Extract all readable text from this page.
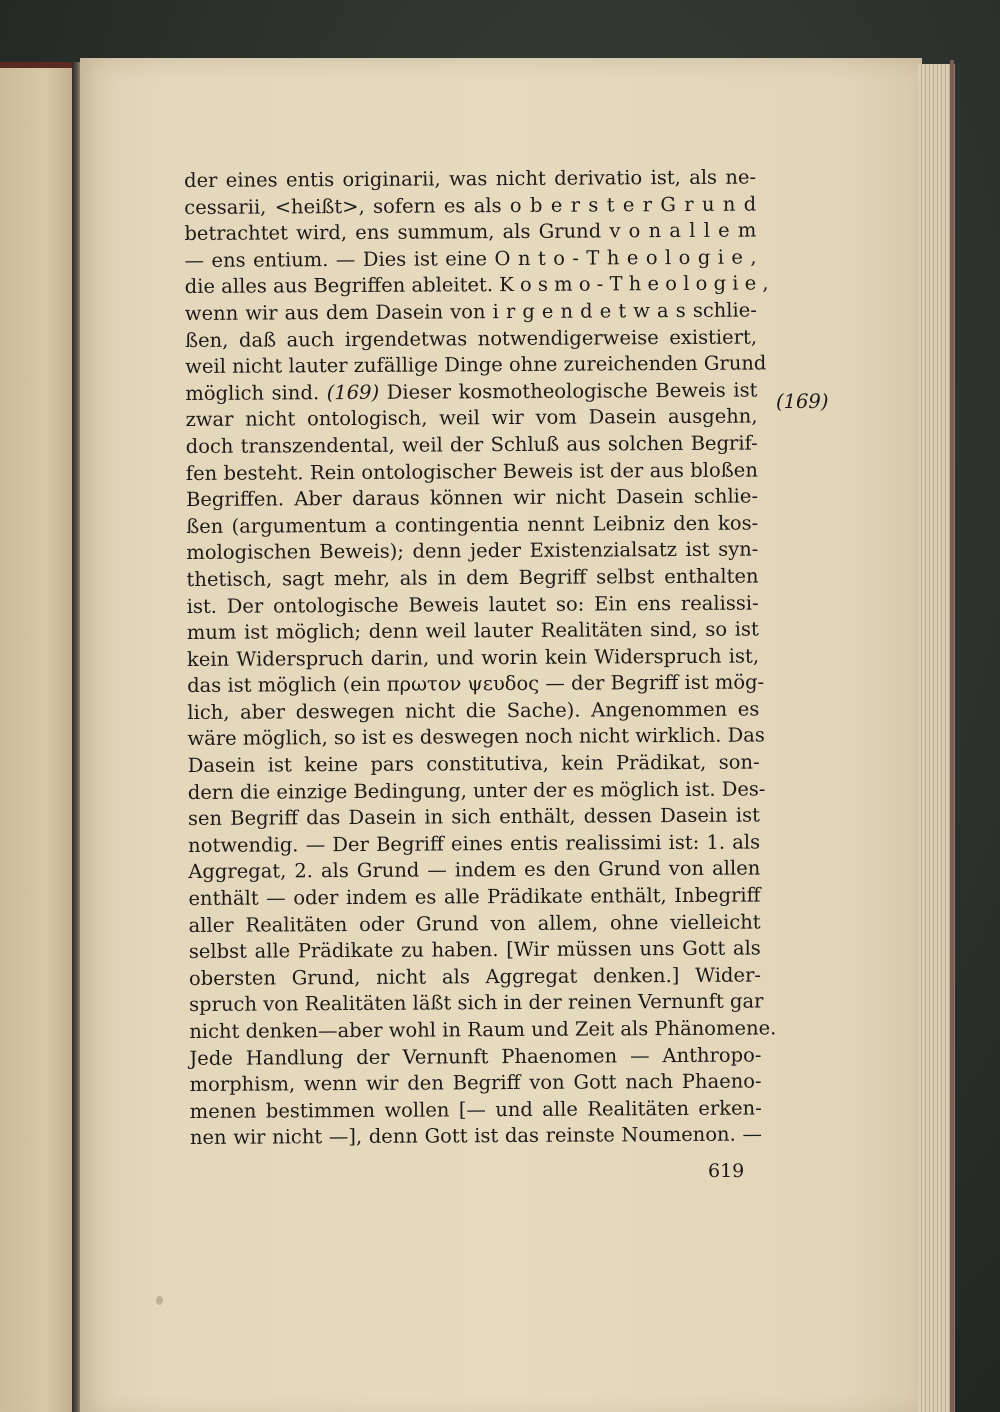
der eines entis originarii, was nicht derivatio ist, als ne-
cessarii, <heißt>, sofern es als o b e r s t e r G r u n d
betrachtet wird, ens summum, als Grund v o n a l l e m
— ens entium. — Dies ist eine O n t o - T h e o l o g i e ,
die alles aus Begriffen ableitet. K o s m o - T h e o l o g i e ,
wenn wir aus dem Dasein von i r g e n d e t w a s schlie-
ßen, daß auch irgendetwas notwendigerweise existiert,
weil nicht lauter zufällige Dinge ohne zureichenden Grund
möglich sind. (169) Dieser kosmotheologische Beweis ist
zwar nicht ontologisch, weil wir vom Dasein ausgehn,
doch transzendental, weil der Schluß aus solchen Begrif-
fen besteht. Rein ontologischer Beweis ist der aus bloßen
Begriffen. Aber daraus können wir nicht Dasein schlie-
ßen (argumentum a contingentia nennt Leibniz den kos-
mologischen Beweis); denn jeder Existenzialsatz ist syn-
thetisch, sagt mehr, als in dem Begriff selbst enthalten
ist. Der ontologische Beweis lautet so: Ein ens realissi-
mum ist möglich; denn weil lauter Realitäten sind, so ist
kein Widerspruch darin, und worin kein Widerspruch ist,
das ist möglich (ein πρωτον ψευδος — der Begriff ist mög-
lich, aber deswegen nicht die Sache). Angenommen es
wäre möglich, so ist es deswegen noch nicht wirklich. Das
Dasein ist keine pars constitutiva, kein Prädikat, son-
dern die einzige Bedingung, unter der es möglich ist. Des-
sen Begriff das Dasein in sich enthält, dessen Dasein ist
notwendig. — Der Begriff eines entis realissimi ist: 1. als
Aggregat, 2. als Grund — indem es den Grund von allen
enthält — oder indem es alle Prädikate enthält, Inbegriff
aller Realitäten oder Grund von allem, ohne vielleicht
selbst alle Prädikate zu haben. [Wir müssen uns Gott als
obersten Grund, nicht als Aggregat denken.] Wider-
spruch von Realitäten läßt sich in der reinen Vernunft gar
nicht denken—aber wohl in Raum und Zeit als Phänomene.
Jede Handlung der Vernunft Phaenomen — Anthropo-
morphism, wenn wir den Begriff von Gott nach Phaeno-
menen bestimmen wollen [— und alle Realitäten erken-
nen wir nicht —], denn Gott ist das reinste Noumenon. —
(169)
619
